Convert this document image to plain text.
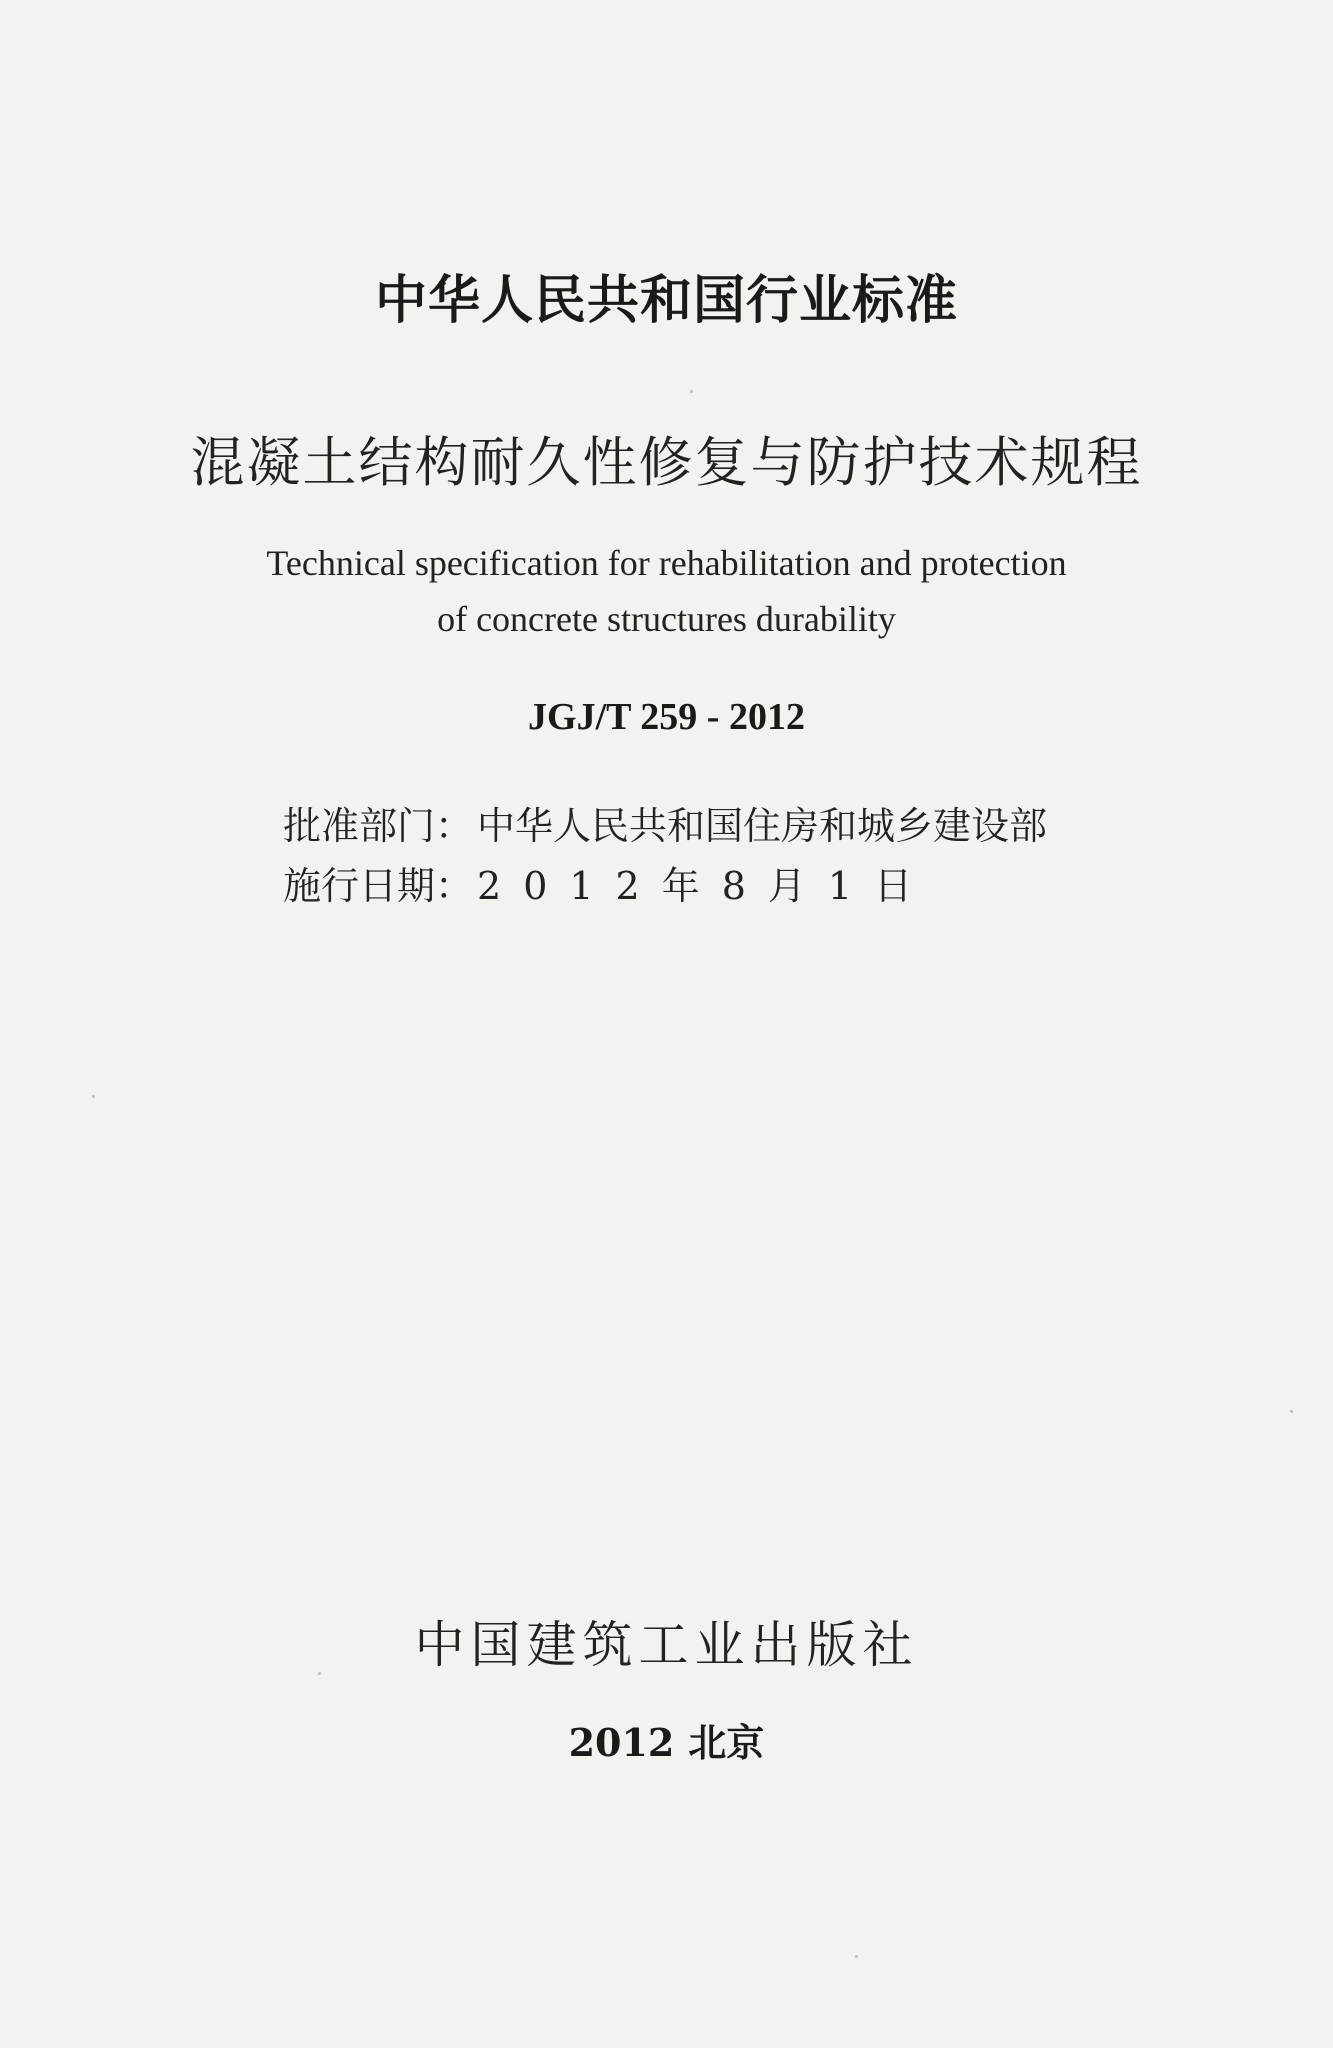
中华人民共和国行业标准
混凝土结构耐久性修复与防护技术规程
Technical specification for rehabilitation and protection
of concrete structures durability
JGJ/T 259 - 2012
批准部门： 中华人民共和国住房和城乡建设部
施行日期： 2012年8月1日
中国建筑工业出版社
2012 北京
